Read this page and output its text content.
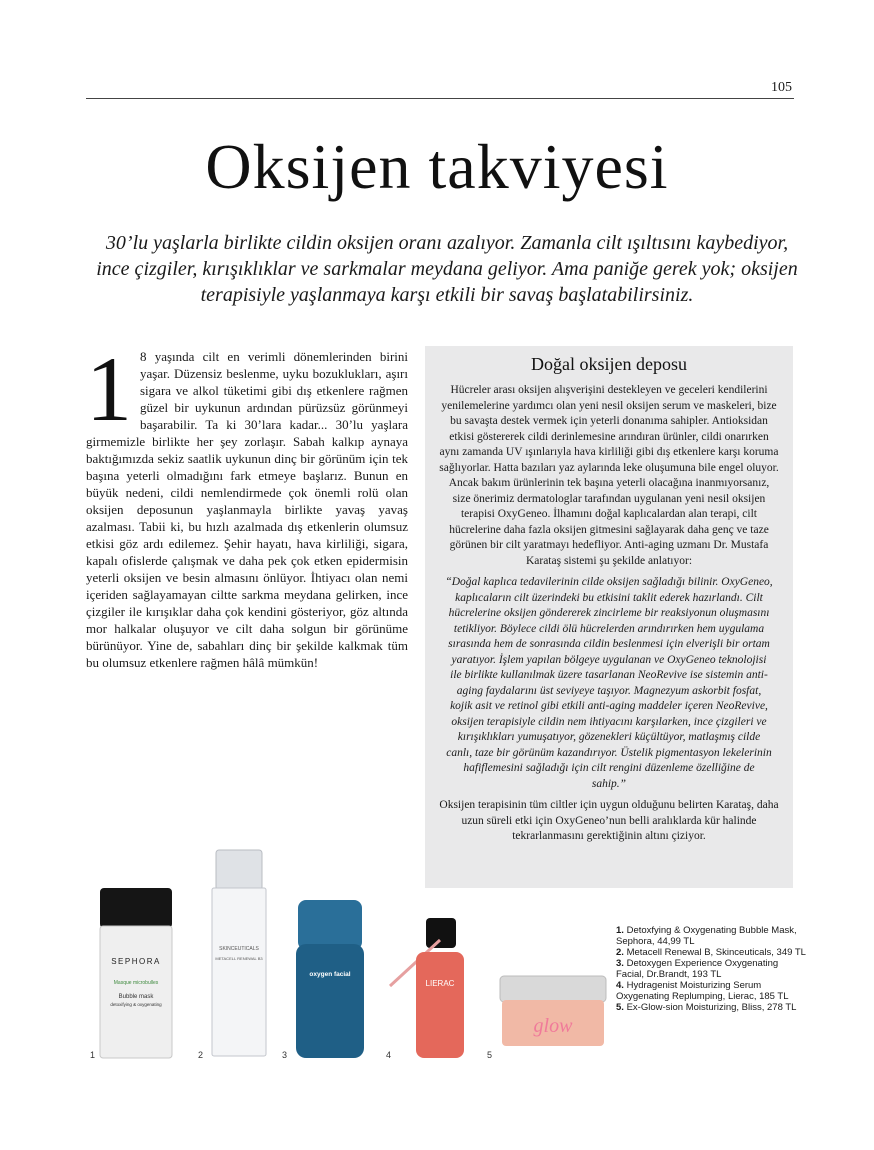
105
Oksijen takviyesi

30’lu yaşlarla birlikte cildin oksijen oranı azalıyor. Zamanla cilt ışıltısını kaybediyor, ince çizgiler, kırışıklıklar ve sarkmalar meydana geliyor. Ama paniğe gerek yok; oksijen terapisiyle yaşlanmaya karşı etkili bir savaş başlatabilirsiniz.

1 8 yaşında cilt en verimli dönemlerinden birini yaşar. Düzensiz beslenme, uyku bozuklukları, aşırı sigara ve alkol tüketimi gibi dış etkenlere rağmen güzel bir uykunun ardından pürüzsüz görünmeyi başarabilir. Ta ki 30’lara kadar... 30’lu yaşlara girmemizle birlikte her şey zorlaşır. Sabah kalkıp aynaya baktığımızda sekiz saatlik uykunun dinç bir görünüm için tek başına yeterli olmadığını fark etmeye başlarız. Bunun en büyük nedeni, cildi nemlendirmede çok önemli rolü olan oksijen deposunun yaşlanmayla birlikte yavaş yavaş azalması. Tabii ki, bu hızlı azalmada dış etkenlerin olumsuz etkisi göz ardı edilemez. Şehir hayatı, hava kirliliği, sigara, kapalı ofislerde çalışmak ve daha pek çok etken epidermisin yeterli oksijen ve besin almasını önlüyor. İhtiyacı olan nemi içeriden sağlayamayan ciltte sarkma meydana gelirken, ince çizgiler ile kırışıklar daha çok kendini gösteriyor, göz altında mor halkalar oluşuyor ve cilt daha solgun bir görünüme bürünüyor. Yine de, sabahları dinç bir şekilde kalkmak tüm bu olumsuz etkenlere rağmen hâlâ mümkün!
Doğal oksijen deposu

Hücreler arası oksijen alışverişini destekleyen ve geceleri kendilerini yenilemelerine yardımcı olan yeni nesil oksijen serum ve maskeleri, bize bu savaşta destek vermek için yeterli donanıma sahipler. Antioksidan etkisi göstererek cildi derinlemesine arındıran ürünler, cildi onarırken aynı zamanda UV ışınlarıyla hava kirliliği gibi dış etkenlere karşı koruma sağlıyorlar. Hatta bazıları yaz aylarında leke oluşumuna bile engel oluyor. Ancak bakım ürünlerinin tek başına yeterli olacağına inanmıyorsanız, size önerimiz dermatologlar tarafından uygulanan yeni nesil oksijen terapisi OxyGeneo. İlhamını doğal kaplıcalardan alan terapi, cilt hücrelerine daha fazla oksijen gitmesini sağlayarak daha genç ve taze görünen bir cilt yaratmayı hedefliyor. Anti-aging uzmanı Dr. Mustafa Karataş sistemi şu şekilde anlatıyor:

“Doğal kaplıca tedavilerinin cilde oksijen sağladığı bilinir. OxyGeneo, kaplıcaların cilt üzerindeki bu etkisini taklit ederek hazırlandı. Cilt hücrelerine oksijen göndererek zincirleme bir reaksiyonun oluşmasını tetikliyor. Böylece cildi ölü hücrelerden arındırırken hem uygulama sırasında hem de sonrasında cildin beslenmesi için elverişli bir ortam yaratıyor. İşlem yapılan bölgeye uygulanan ve OxyGeneo teknolojisi ile birlikte kullanılmak üzere tasarlanan NeoRevive ise sistemin anti-aging faydalarını üst seviyeye taşıyor. Magnezyum askorbit fosfat, kojik asit ve retinol gibi etkili anti-aging maddeler içeren NeoRevive, oksijen terapisiyle cildin nem ihtiyacını karşılarken, ince çizgileri ve kırışıklıkları yumuşatıyor, gözenekleri küçültüyor, matlaşmış cilde canlı, taze bir görünüm kazandırıyor. Üstelik pigmentasyon lekelerinin hafiflemesini sağladığı için cilt rengini düzenleme özelliğine de sahip.”

Oksijen terapisinin tüm ciltler için uygun olduğunu belirten Karataş, daha uzun süreli etki için OxyGeneo’nun belli aralıklarda kür halinde tekrarlanmasını gerektiğinin altını çiziyor.

SEPHORA
Masque microbulles
Bubble mask
detoxifying & oxygenating
SKINCEUTICALS
METACELL RENEWAL B3
oxygen facial
LIERAC
glow
1	2	3	4	5
1. Detoxfying & Oxygenating Bubble Mask, Sephora, 44,99 TL
2. Metacell Renewal B, Skinceuticals, 349 TL
3. Detoxygen Experience Oxygenating Facial, Dr.Brandt, 193 TL
4. Hydragenist Moisturizing Serum Oxygenating Replumping, Lierac, 185 TL
5. Ex-Glow-sion Moisturizing, Bliss, 278 TL
